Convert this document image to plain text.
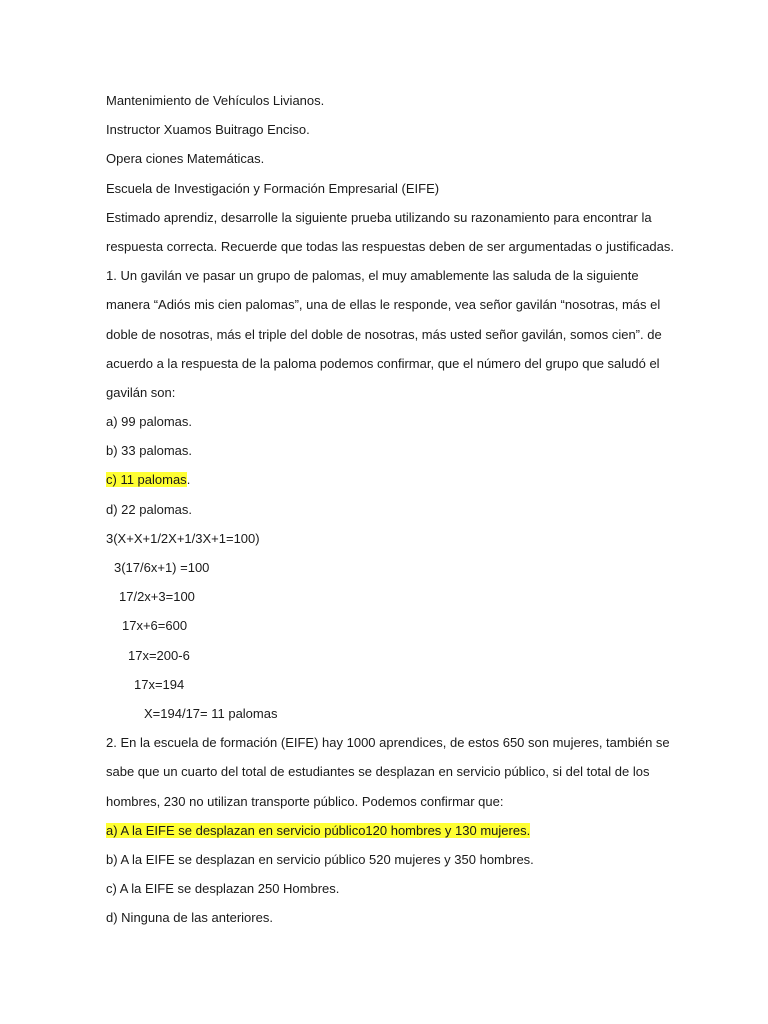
Mantenimiento de Vehículos Livianos.
Instructor Xuamos Buitrago Enciso.
Opera ciones Matemáticas.
Escuela de Investigación y Formación Empresarial (EIFE)
Estimado aprendiz, desarrolle la siguiente prueba utilizando su razonamiento para encontrar la
respuesta correcta. Recuerde que todas las respuestas deben de ser argumentadas o justificadas.
1. Un gavilán ve pasar un grupo de palomas, el muy amablemente las saluda de la siguiente
manera “Adiós mis cien palomas”, una de ellas le responde, vea señor gavilán “nosotras, más el
doble de nosotras, más el triple del doble de nosotras, más usted señor gavilán, somos cien”. de
acuerdo a la respuesta de la paloma podemos confirmar, que el número del grupo que saludó el
gavilán son:
a) 99 palomas.
b) 33 palomas.
c) 11 palomas.
d) 22 palomas.
3(X+X+1/2X+1/3X+1=100)
3(17/6x+1) =100
17/2x+3=100
17x+6=600
17x=200-6
17x=194
X=194/17= 11 palomas
2. En la escuela de formación (EIFE) hay 1000 aprendices, de estos 650 son mujeres, también se
sabe que un cuarto del total de estudiantes se desplazan en servicio público, si del total de los
hombres, 230 no utilizan transporte público. Podemos confirmar que:
a) A la EIFE se desplazan en servicio público120 hombres y 130 mujeres.
b) A la EIFE se desplazan en servicio público 520 mujeres y 350 hombres.
c) A la EIFE se desplazan 250 Hombres.
d) Ninguna de las anteriores.
